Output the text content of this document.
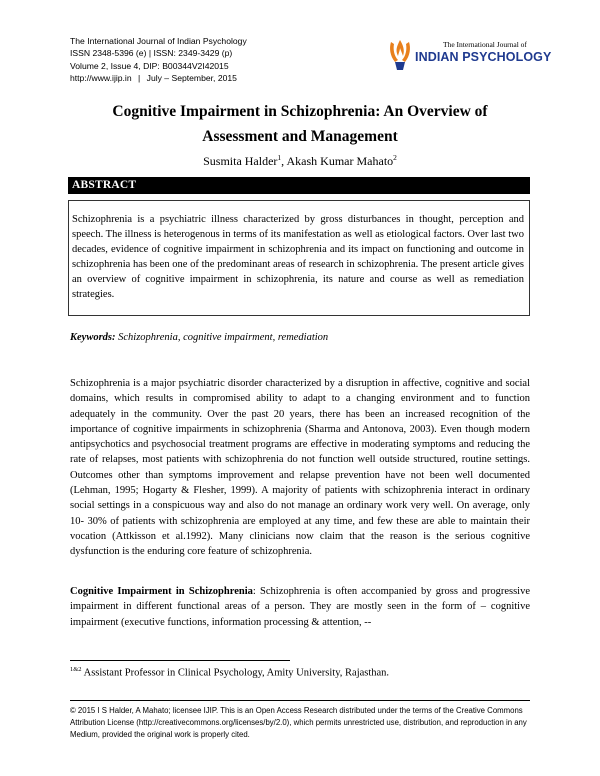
The International Journal of Indian Psychology
ISSN 2348-5396 (e) | ISSN: 2349-3429 (p)
Volume 2, Issue 4, DIP: B00344V2I42015
http://www.ijip.in | July – September, 2015
The International Journal of
INDIAN PSYCHOLOGY
Cognitive Impairment in Schizophrenia: An Overview of
Assessment and Management
Susmita Halder$^1$, Akash Kumar Mahato$^2$
ABSTRACT
Schizophrenia is a psychiatric illness characterized by gross disturbances in thought, perception and speech. The illness is heterogenous in terms of its manifestation as well as etiological factors. Over last two decades, evidence of cognitive impairment in schizophrenia and its impact on functioning and outcome in schizophrenia has been one of the predominant areas of research in schizophrenia. The present article gives an overview of cognitive impairment in schizophrenia, its nature and course as well as remediation strategies.
Keywords: Schizophrenia, cognitive impairment, remediation
Schizophrenia is a major psychiatric disorder characterized by a disruption in affective, cognitive and social domains, which results in compromised ability to adapt to a changing environment and to function adequately in the community. Over the past 20 years, there has been an increased recognition of the importance of cognitive impairments in schizophrenia (Sharma and Antonova, 2003). Even though modern antipsychotics and psychosocial treatment programs are effective in moderating symptoms and reducing the rate of relapses, most patients with schizophrenia do not function well outside structured, routine settings. Outcomes other than symptoms improvement and relapse prevention have not been well documented (Lehman, 1995; Hogarty & Flesher, 1999). A majority of patients with schizophrenia interact in ordinary social settings in a conspicuous way and also do not manage an ordinary work very well. On average, only 10- 30% of patients with schizophrenia are employed at any time, and few these are able to maintain their vocation (Attkisson et al.1992). Many clinicians now claim that the reason is the serious cognitive dysfunction is the enduring core feature of schizophrenia.
Cognitive Impairment in Schizophrenia: Schizophrenia is often accompanied by gross and progressive impairment in different functional areas of a person. They are mostly seen in the form of – cognitive impairment (executive functions, information processing & attention, --
$^{1\&2}$ Assistant Professor in Clinical Psychology, Amity University, Rajasthan.
© 2015 I S Halder, A Mahato; licensee IJIP. This is an Open Access Research distributed under the terms of the Creative Commons Attribution License (http://creativecommons.org/licenses/by/2.0), which permits unrestricted use, distribution, and reproduction in any Medium, provided the original work is properly cited.
